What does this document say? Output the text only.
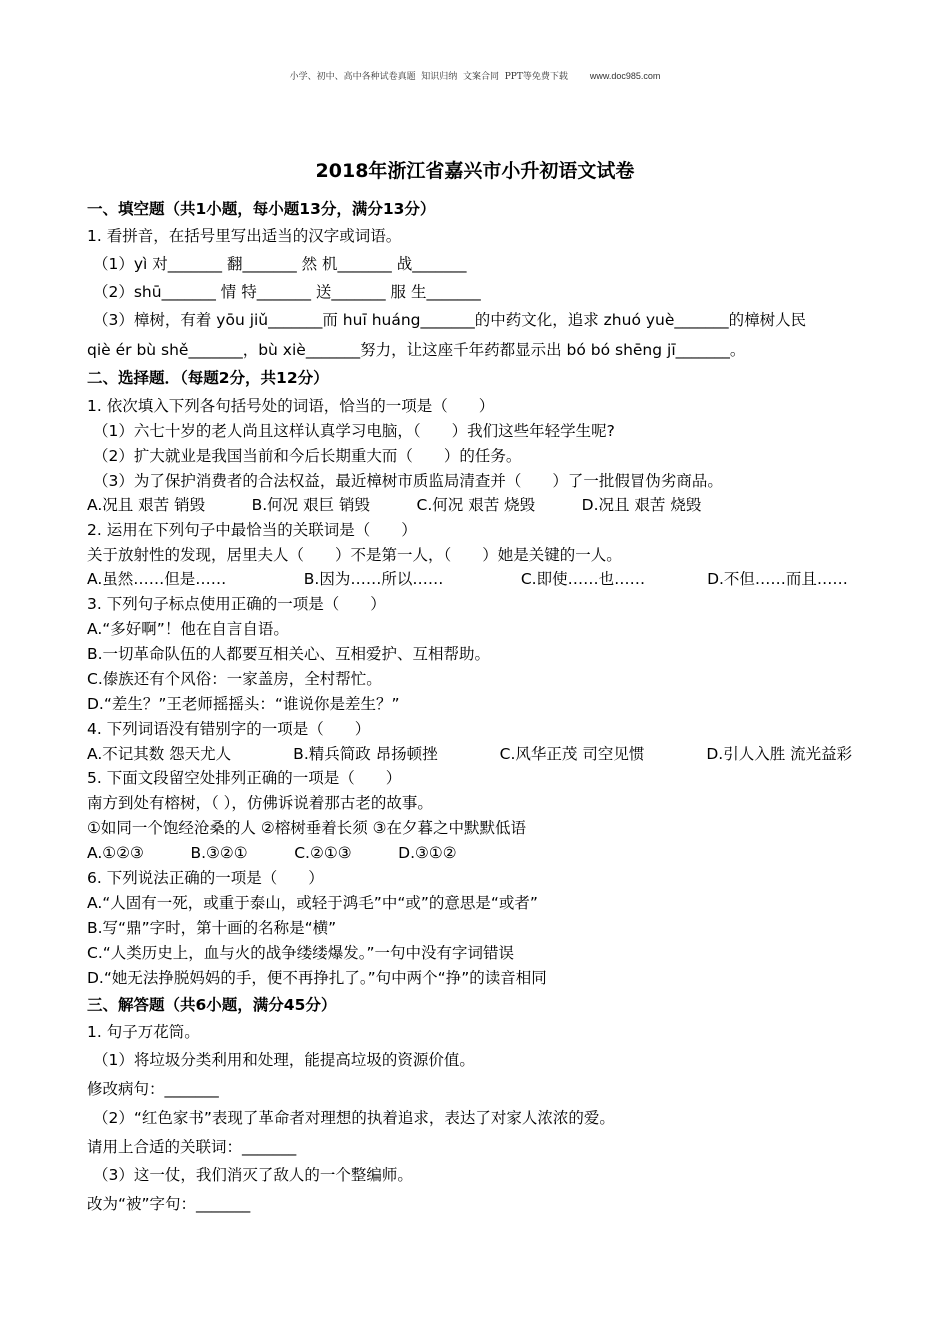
小学、初中、高中各种试卷真题  知识归纳  文案合同  PPT等免费下载 www.doc985.com
2018年浙江省嘉兴市小升初语文试卷
一、填空题（共1小题，每小题13分，满分13分）
1. 看拼音，在括号里写出适当的汉字或词语。
（1）yì 对_______ 翻_______ 然 机_______ 战_______
（2）shū_______ 情 特_______ 送_______ 服 生_______
（3）樟树，有着 yōu jiǔ_______而 huī huáng_______的中药文化，追求 zhuó yuè_______的樟树人民
qiè ér bù shě_______，bù xiè_______努力，让这座千年药都显示出 bó bó shēng jī_______。
二、选择题．（每题2分，共12分）
1. 依次填入下列各句括号处的词语，恰当的一项是（　　）
（1）六七十岁的老人尚且这样认真学习电脑，（　　）我们这些年轻学生呢?
（2）扩大就业是我国当前和今后长期重大而（　　）的任务。
（3）为了保护消费者的合法权益，最近樟树市质监局清查并（　　）了一批假冒伪劣商品。
A.况且 艰苦 销毁　　　B.何况 艰巨 销毁　　　C.何况 艰苦 烧毁　　　D.况且 艰苦 烧毁
2. 运用在下列句子中最恰当的关联词是（　　）
关于放射性的发现，居里夫人（　　）不是第一人，（　　）她是关键的一人。
A.虽然……但是……　　　　　B.因为……所以……　　　　　C.即使……也……　　　　D.不但……而且……
3. 下列句子标点使用正确的一项是（　　）
A.“多好啊”！他在自言自语。
B.一切革命队伍的人都要互相关心、互相爱护、互相帮助。
C.傣族还有个风俗：一家盖房，全村帮忙。
D.“差生？”王老师摇摇头：“谁说你是差生？”
4. 下列词语没有错别字的一项是（　　）
A.不记其数 怨天尤人　　　　B.精兵简政 昂扬顿挫　　　　C.风华正茂 司空见惯　　　　D.引人入胜 流光益彩
5. 下面文段留空处排列正确的一项是（　　）
南方到处有榕树，（ ），仿佛诉说着那古老的故事。
①如同一个饱经沧桑的人 ②榕树垂着长须 ③在夕暮之中默默低语
A.①②③　　　B.③②①　　　C.②①③　　　D.③①②
6. 下列说法正确的一项是（　　）
A.“人固有一死，或重于泰山，或轻于鸿毛”中“或”的意思是“或者”
B.写“鼎”字时，第十画的名称是“横”
C.“人类历史上，血与火的战争缕缕爆发。”一句中没有字词错误
D.“她无法挣脱妈妈的手，便不再挣扎了。”句中两个“挣”的读音相同
三、解答题（共6小题，满分45分）
1. 句子万花筒。
（1）将垃圾分类利用和处理，能提高垃圾的资源价值。
修改病句：_______
（2）“红色家书”表现了革命者对理想的执着追求，表达了对家人浓浓的爱。
请用上合适的关联词：_______
（3）这一仗，我们消灭了敌人的一个整编师。
改为“被”字句：_______
